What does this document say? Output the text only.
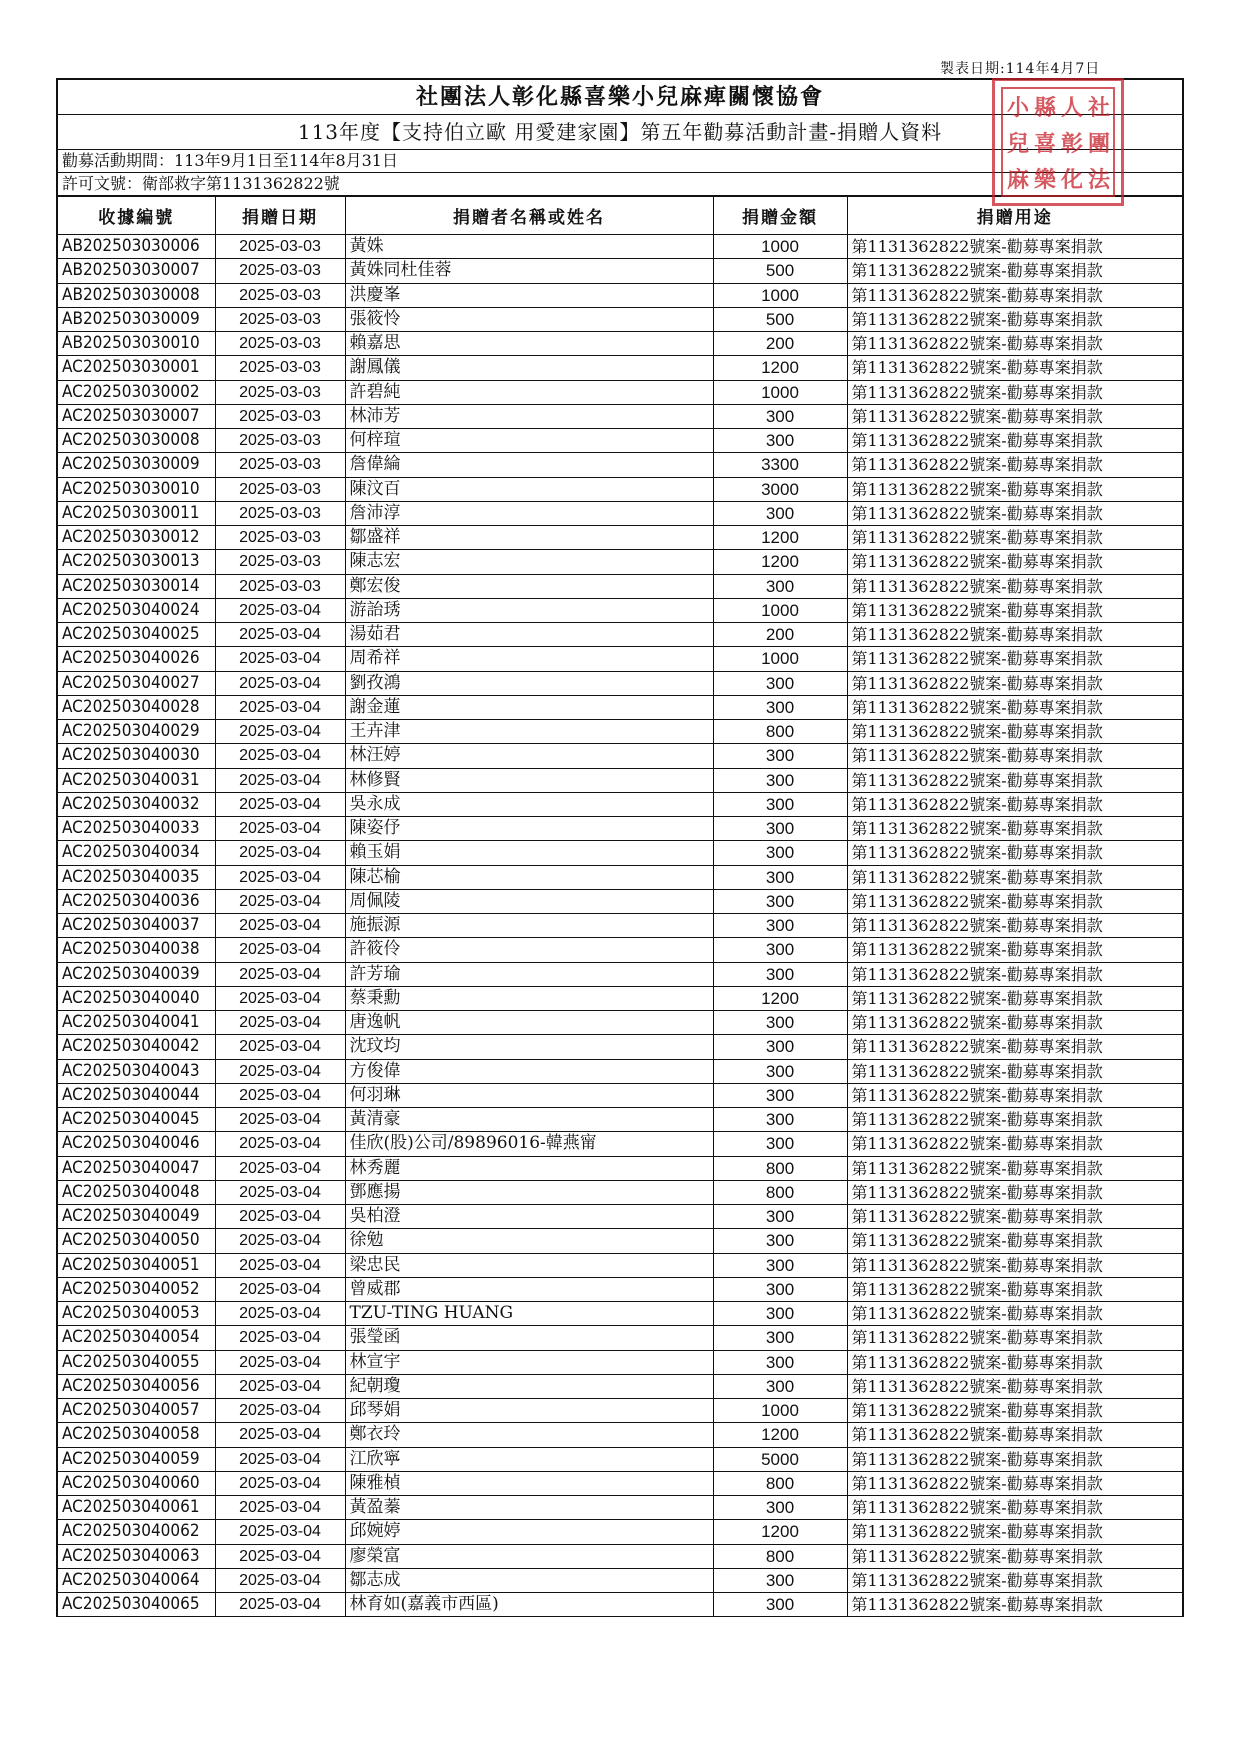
製表日期:114年4月7日
社團法人彰化縣喜樂小兒麻痺關懷協會
113年度【支持伯立歐 用愛建家園】第五年勸募活動計畫-捐贈人資料
勸募活動期間：113年9月1日至114年8月31日
許可文號：衛部救字第1131362822號
收據編號	捐贈日期	捐贈者名稱或姓名	捐贈金額	捐贈用途
AB202503030006	2025-03-03	黃姝	1000	第1131362822號案-勸募專案捐款
AB202503030007	2025-03-03	黃姝同杜佳蓉	500	第1131362822號案-勸募專案捐款
AB202503030008	2025-03-03	洪慶峯	1000	第1131362822號案-勸募專案捐款
AB202503030009	2025-03-03	張筱怜	500	第1131362822號案-勸募專案捐款
AB202503030010	2025-03-03	賴嘉思	200	第1131362822號案-勸募專案捐款
AC202503030001	2025-03-03	謝鳳儀	1200	第1131362822號案-勸募專案捐款
AC202503030002	2025-03-03	許碧純	1000	第1131362822號案-勸募專案捐款
AC202503030007	2025-03-03	林沛芳	300	第1131362822號案-勸募專案捐款
AC202503030008	2025-03-03	何梓瑄	300	第1131362822號案-勸募專案捐款
AC202503030009	2025-03-03	詹偉綸	3300	第1131362822號案-勸募專案捐款
AC202503030010	2025-03-03	陳汶百	3000	第1131362822號案-勸募專案捐款
AC202503030011	2025-03-03	詹沛淳	300	第1131362822號案-勸募專案捐款
AC202503030012	2025-03-03	鄒盛祥	1200	第1131362822號案-勸募專案捐款
AC202503030013	2025-03-03	陳志宏	1200	第1131362822號案-勸募專案捐款
AC202503030014	2025-03-03	鄭宏俊	300	第1131362822號案-勸募專案捐款
AC202503040024	2025-03-04	游詒琇	1000	第1131362822號案-勸募專案捐款
AC202503040025	2025-03-04	湯茹君	200	第1131362822號案-勸募專案捐款
AC202503040026	2025-03-04	周希祥	1000	第1131362822號案-勸募專案捐款
AC202503040027	2025-03-04	劉孜鴻	300	第1131362822號案-勸募專案捐款
AC202503040028	2025-03-04	謝金蓮	300	第1131362822號案-勸募專案捐款
AC202503040029	2025-03-04	王卉津	800	第1131362822號案-勸募專案捐款
AC202503040030	2025-03-04	林汪婷	300	第1131362822號案-勸募專案捐款
AC202503040031	2025-03-04	林修賢	300	第1131362822號案-勸募專案捐款
AC202503040032	2025-03-04	吳永成	300	第1131362822號案-勸募專案捐款
AC202503040033	2025-03-04	陳姿伃	300	第1131362822號案-勸募專案捐款
AC202503040034	2025-03-04	賴玉娟	300	第1131362822號案-勸募專案捐款
AC202503040035	2025-03-04	陳芯榆	300	第1131362822號案-勸募專案捐款
AC202503040036	2025-03-04	周佩陵	300	第1131362822號案-勸募專案捐款
AC202503040037	2025-03-04	施振源	300	第1131362822號案-勸募專案捐款
AC202503040038	2025-03-04	許筱伶	300	第1131362822號案-勸募專案捐款
AC202503040039	2025-03-04	許芳瑜	300	第1131362822號案-勸募專案捐款
AC202503040040	2025-03-04	蔡秉勳	1200	第1131362822號案-勸募專案捐款
AC202503040041	2025-03-04	唐逸帆	300	第1131362822號案-勸募專案捐款
AC202503040042	2025-03-04	沈玟均	300	第1131362822號案-勸募專案捐款
AC202503040043	2025-03-04	方俊偉	300	第1131362822號案-勸募專案捐款
AC202503040044	2025-03-04	何羽琳	300	第1131362822號案-勸募專案捐款
AC202503040045	2025-03-04	黃清豪	300	第1131362822號案-勸募專案捐款
AC202503040046	2025-03-04	佳欣(股)公司/89896016-韓燕甯	300	第1131362822號案-勸募專案捐款
AC202503040047	2025-03-04	林秀麗	800	第1131362822號案-勸募專案捐款
AC202503040048	2025-03-04	鄧應揚	800	第1131362822號案-勸募專案捐款
AC202503040049	2025-03-04	吳柏澄	300	第1131362822號案-勸募專案捐款
AC202503040050	2025-03-04	徐勉	300	第1131362822號案-勸募專案捐款
AC202503040051	2025-03-04	梁忠民	300	第1131362822號案-勸募專案捐款
AC202503040052	2025-03-04	曾威郡	300	第1131362822號案-勸募專案捐款
AC202503040053	2025-03-04	TZU-TING HUANG	300	第1131362822號案-勸募專案捐款
AC202503040054	2025-03-04	張瑩函	300	第1131362822號案-勸募專案捐款
AC202503040055	2025-03-04	林宣宇	300	第1131362822號案-勸募專案捐款
AC202503040056	2025-03-04	紀朝瓊	300	第1131362822號案-勸募專案捐款
AC202503040057	2025-03-04	邱琴娟	1000	第1131362822號案-勸募專案捐款
AC202503040058	2025-03-04	鄭衣玲	1200	第1131362822號案-勸募專案捐款
AC202503040059	2025-03-04	江欣寧	5000	第1131362822號案-勸募專案捐款
AC202503040060	2025-03-04	陳雅楨	800	第1131362822號案-勸募專案捐款
AC202503040061	2025-03-04	黃盈蓁	300	第1131362822號案-勸募專案捐款
AC202503040062	2025-03-04	邱婉婷	1200	第1131362822號案-勸募專案捐款
AC202503040063	2025-03-04	廖榮富	800	第1131362822號案-勸募專案捐款
AC202503040064	2025-03-04	鄒志成	300	第1131362822號案-勸募專案捐款
AC202503040065	2025-03-04	林育如(嘉義市西區)	300	第1131362822號案-勸募專案捐款
社
團
法
人
彰
化
縣
喜
樂
小
兒
麻
